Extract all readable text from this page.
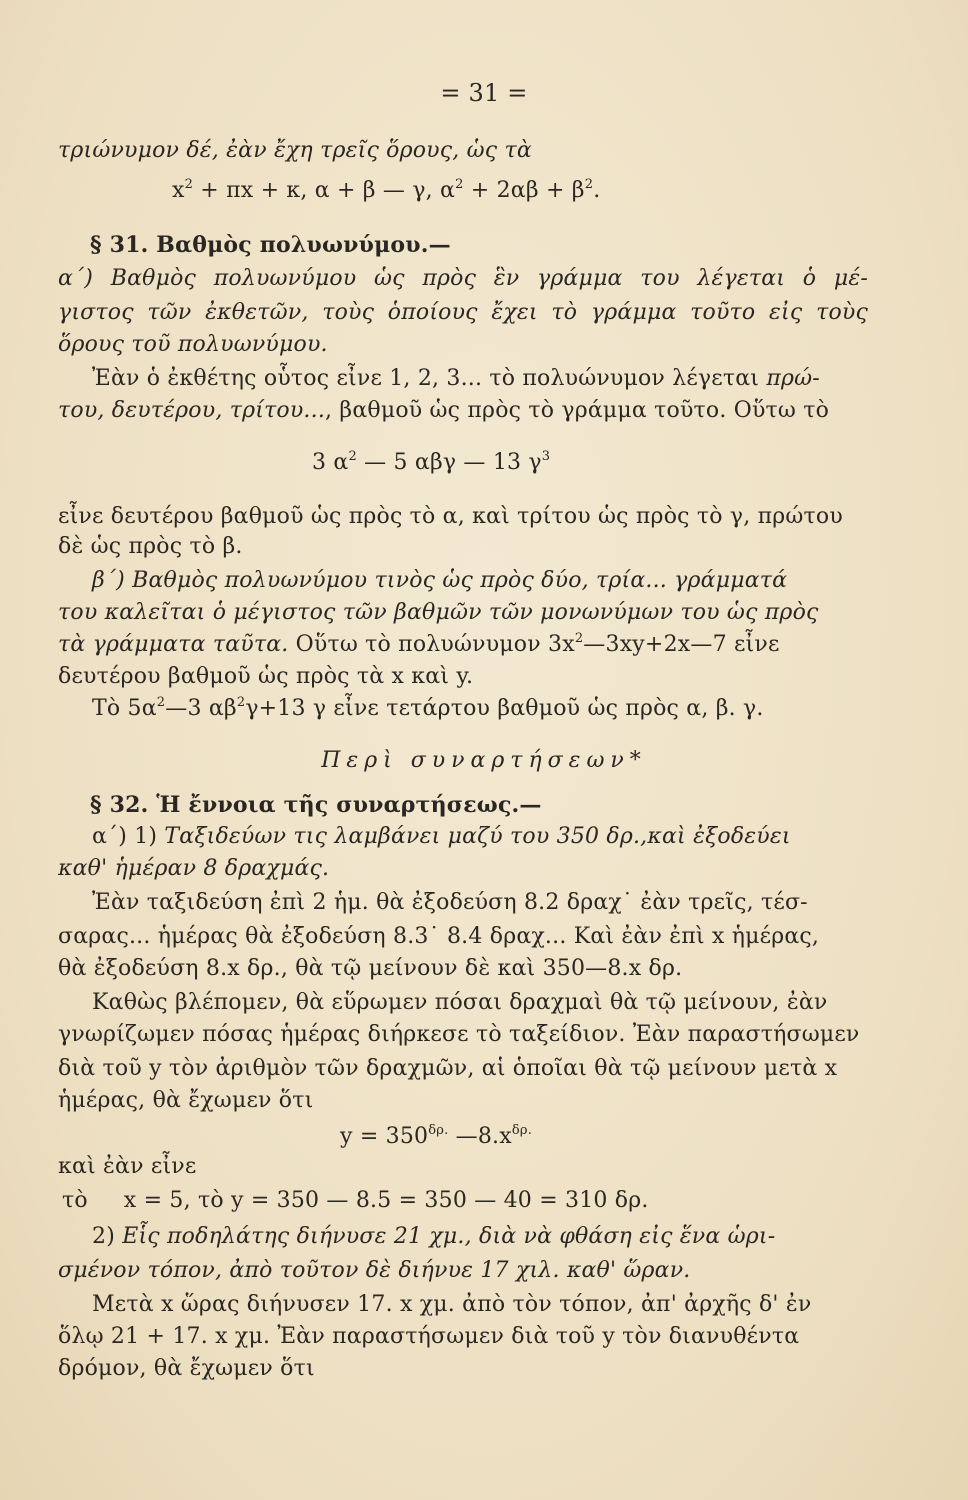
= 31 =
τριώνυμον δέ, ἐὰν ἔχη τρεῖς ὅρους, ὡς τὰ
$x^2 + \pi x + \kappa$, α + β — γ, $\alpha^2 + 2\alpha\beta + \beta^2$.
§ 31. Βαθμὸς πολυωνύμου.—
α΄) Βαθμὸς πολυωνύμου ὡς πρὸς ἓν γράμμα του λέγεται ὁ μέ-
γιστος τῶν ἐκθετῶν, τοὺς ὁποίους ἔχει τὸ γράμμα τοῦτο εἰς τοὺς
ὅρους τοῦ πολυωνύμου.
Ἐὰν ὁ ἐκθέτης οὗτος εἶνε 1, 2, 3... τὸ πολυώνυμον λέγεται πρώ-
του, δευτέρου, τρίτου..., βαθμοῦ ὡς πρὸς τὸ γράμμα τοῦτο. Οὕτω τὸ
3 $\alpha^2$ — 5 αβγ — 13 $\gamma^3$
εἶνε δευτέρου βαθμοῦ ὡς πρὸς τὸ α, καὶ τρίτου ὡς πρὸς τὸ γ, πρώτου
δὲ ὡς πρὸς τὸ β.
β΄) Βαθμὸς πολυωνύμου τινὸς ὡς πρὸς δύο, τρία... γράμματά
του καλεῖται ὁ μέγιστος τῶν βαθμῶν τῶν μονωνύμων του ὡς πρὸς
τὰ γράμματα ταῦτα. Οὕτω τὸ πολυώνυμον $3x^2—3xy+2x—7$ εἶνε
δευτέρου βαθμοῦ ὡς πρὸς τὰ x καὶ y.
Τὸ $5\alpha^2—3$ $\alpha\beta^2\gamma+13$ γ εἶνε τετάρτου βαθμοῦ ὡς πρὸς α, β. γ.
Περὶ συναρτήσεων*
§ 32. Ἡ ἔννοια τῆς συναρτήσεως.—
α΄) 1) Ταξιδεύων τις λαμβάνει μαζύ του 350 δρ.,καὶ ἐξοδεύει
καθ' ἡμέραν 8 δραχμάς.
Ἐὰν ταξιδεύση ἐπὶ 2 ἡμ. θὰ ἐξοδεύση 8.2 δραχ˙ ἐὰν τρεῖς, τέσ-
σαρας... ἡμέρας θὰ ἐξοδεύση 8.3˙ 8.4 δραχ... Καὶ ἐὰν ἐπὶ x ἡμέρας,
θὰ ἐξοδεύση 8.x δρ., θὰ τῷ μείνουν δὲ καὶ 350—8.x δρ.
Καθὼς βλέπομεν, θὰ εὕρωμεν πόσαι δραχμαὶ θὰ τῷ μείνουν, ἐὰν
γνωρίζωμεν πόσας ἡμέρας διήρκεσε τὸ ταξείδιον. Ἐὰν παραστήσωμεν
διὰ τοῦ y τὸν ἀριθμὸν τῶν δραχμῶν, αἱ ὁποῖαι θὰ τῷ μείνουν μετὰ x
ἡμέρας, θὰ ἔχωμεν ὅτι
$y = 350^{\delta\rho.}$ $—8.x^{\delta\rho.}$
καὶ ἐὰν εἶνε
τὸ     x = 5, τὸ y = 350 — 8.5 = 350 — 40 = 310 δρ.
2) Εἷς ποδηλάτης διήνυσε 21 χμ., διὰ νὰ φθάση εἰς ἕνα ὡρι-
σμένον τόπον, ἀπὸ τοῦτον δὲ διήνυε 17 χιλ. καθ' ὥραν.
Μετὰ x ὥρας διήνυσεν 17. x χμ. ἀπὸ τὸν τόπον, ἀπ' ἀρχῆς δ' ἐν
ὅλῳ 21 + 17. x χμ. Ἐὰν παραστήσωμεν διὰ τοῦ y τὸν διανυθέντα
δρόμον, θὰ ἔχωμεν ὅτι
